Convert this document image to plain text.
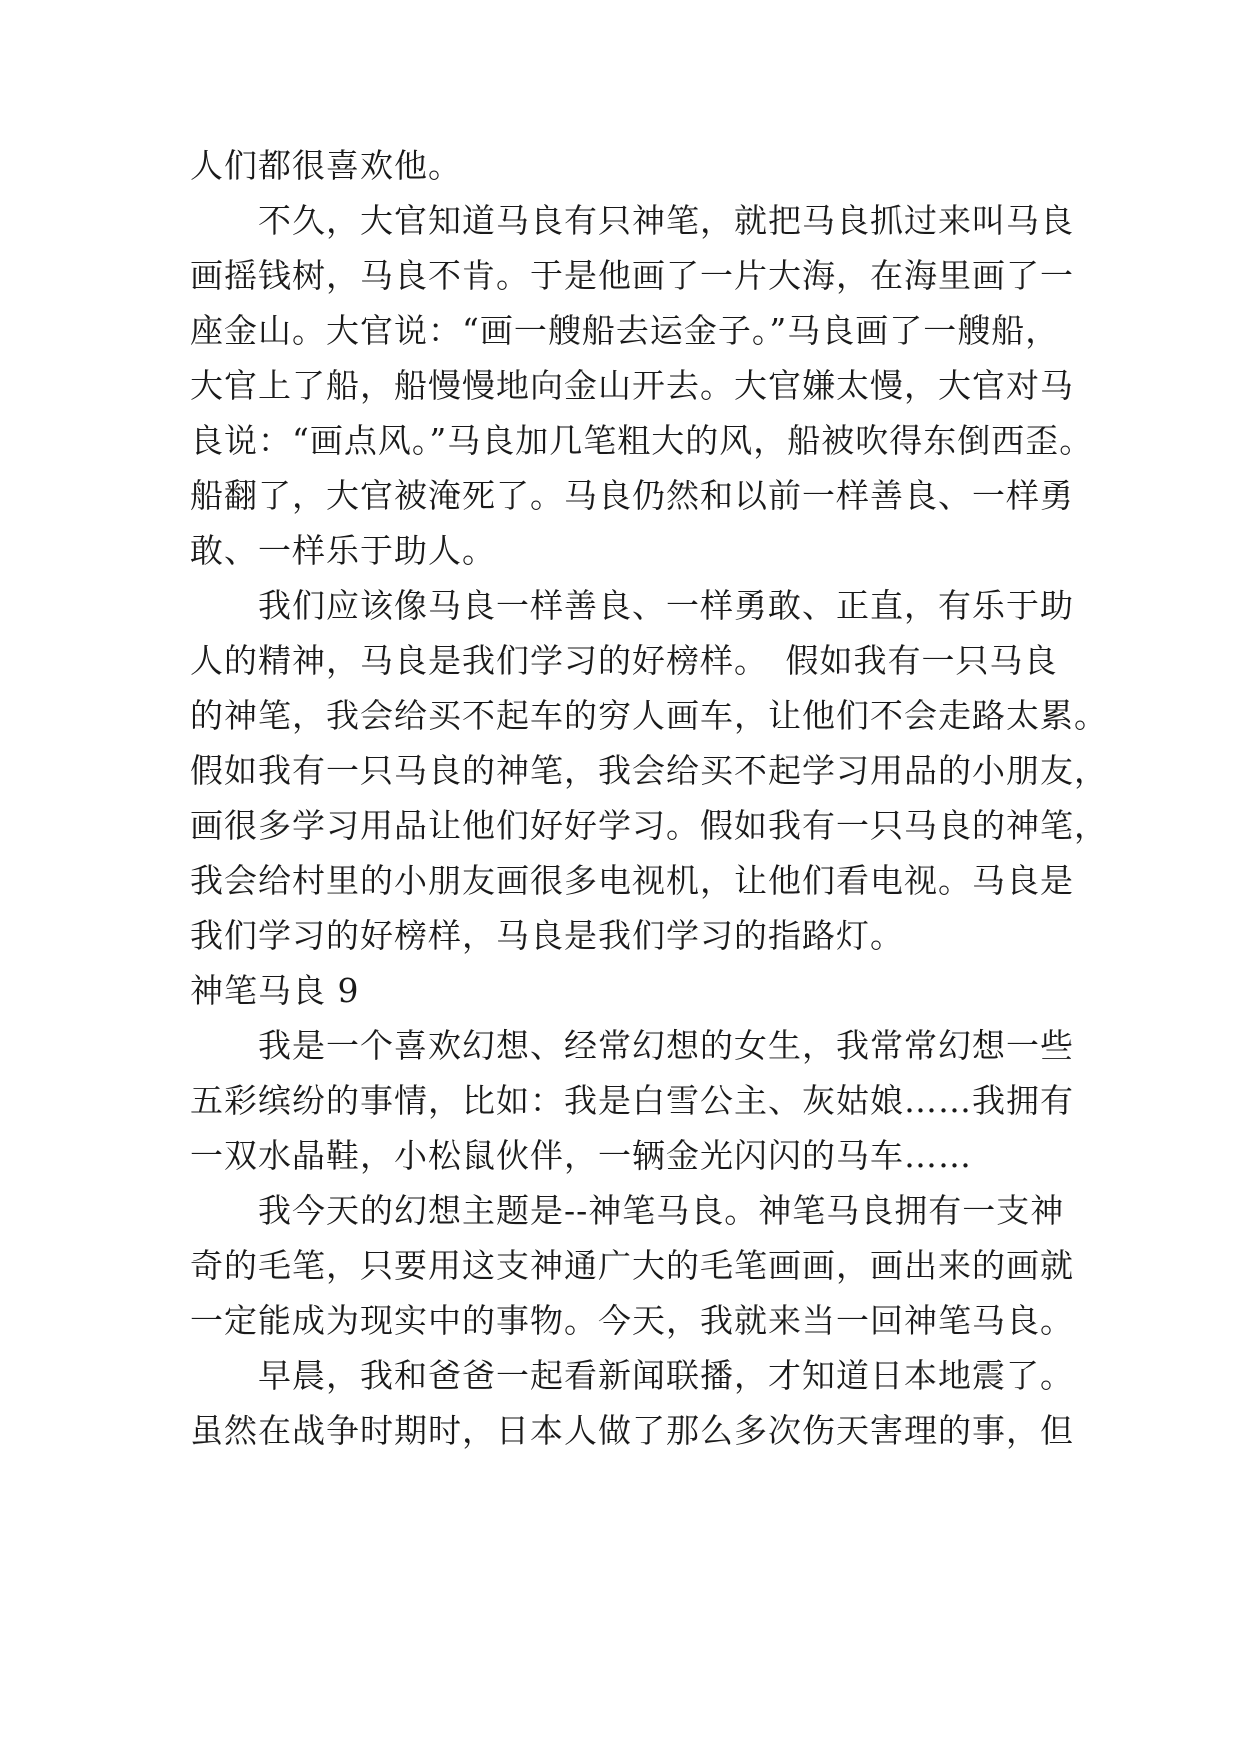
人们都很喜欢他。
不久，大官知道马良有只神笔，就把马良抓过来叫马良
画摇钱树，马良不肯。于是他画了一片大海，在海里画了一
座金山。大官说：“画一艘船去运金子。”马良画了一艘船，
大官上了船，船慢慢地向金山开去。大官嫌太慢，大官对马
良说：“画点风。”马良加几笔粗大的风，船被吹得东倒西歪。
船翻了，大官被淹死了。马良仍然和以前一样善良、一样勇
敢、一样乐于助人。
我们应该像马良一样善良、一样勇敢、正直，有乐于助
人的精神，马良是我们学习的好榜样。　假如我有一只马良
的神笔，我会给买不起车的穷人画车，让他们不会走路太累。
假如我有一只马良的神笔，我会给买不起学习用品的小朋友，
画很多学习用品让他们好好学习。假如我有一只马良的神笔，
我会给村里的小朋友画很多电视机，让他们看电视。马良是
我们学习的好榜样，马良是我们学习的指路灯。
神笔马良 9
我是一个喜欢幻想、经常幻想的女生，我常常幻想一些
五彩缤纷的事情，比如：我是白雪公主、灰姑娘……我拥有
一双水晶鞋，小松鼠伙伴，一辆金光闪闪的马车……
我今天的幻想主题是--神笔马良。神笔马良拥有一支神
奇的毛笔，只要用这支神通广大的毛笔画画，画出来的画就
一定能成为现实中的事物。今天，我就来当一回神笔马良。
早晨，我和爸爸一起看新闻联播，才知道日本地震了。
虽然在战争时期时，日本人做了那么多次伤天害理的事，但
